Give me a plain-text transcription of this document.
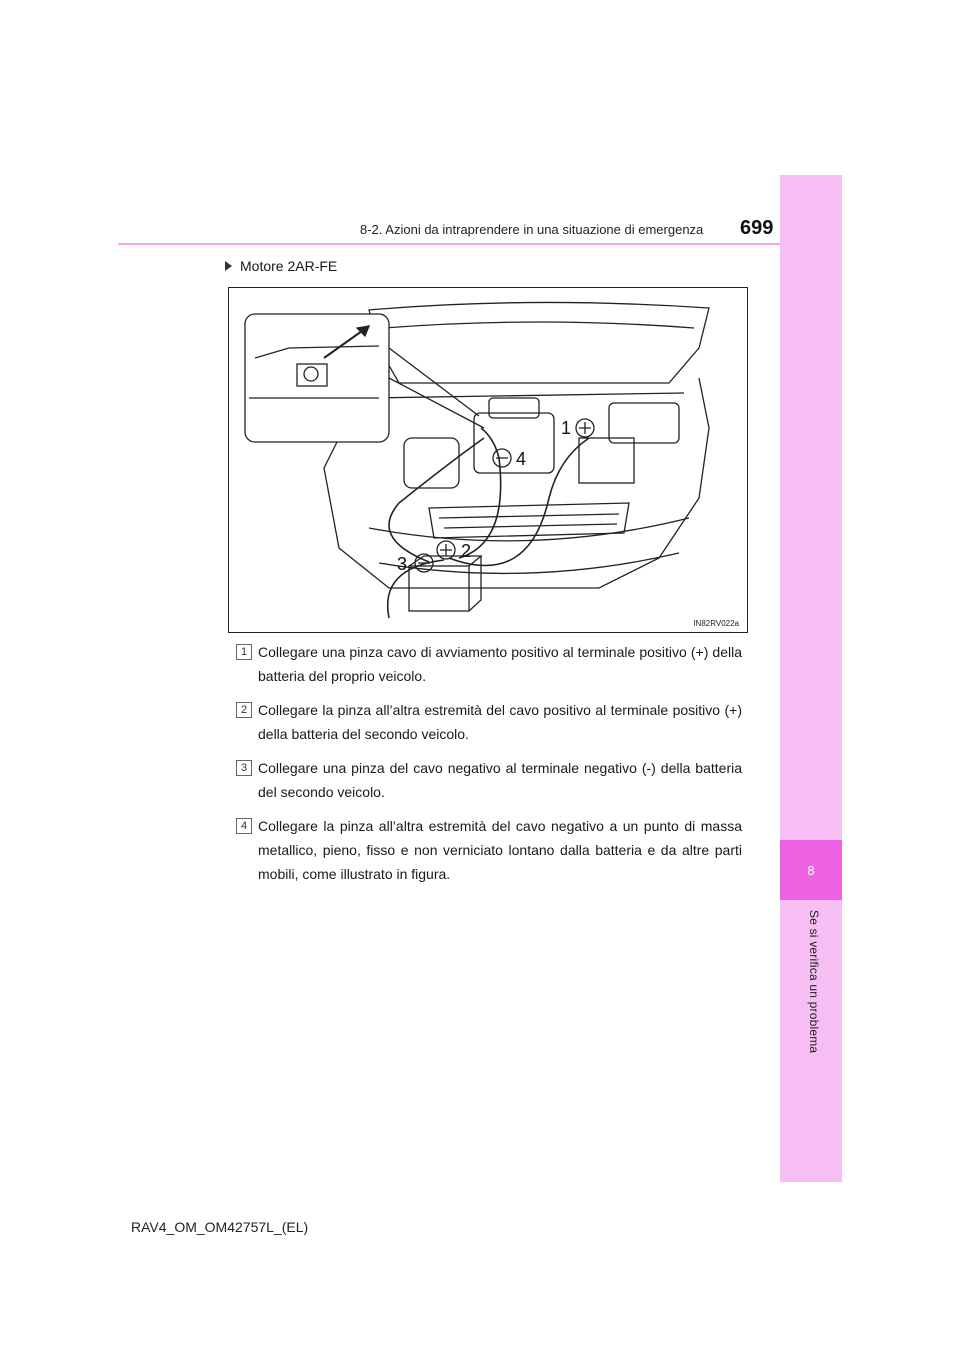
8
Se si verifica un problema
8-2. Azioni da intraprendere in una situazione di emergenza 699
Motore 2AR-FE
4
1
3
2
IN82RV022a
1 Collegare una pinza cavo di avviamento positivo al terminale positivo (+) della batteria del proprio veicolo.
2 Collegare la pinza all’altra estremità del cavo positivo al terminale positivo (+) della batteria del secondo veicolo.
3 Collegare una pinza del cavo negativo al terminale negativo (-) della batteria del secondo veicolo.
4 Collegare la pinza all’altra estremità del cavo negativo a un punto di massa metallico, pieno, fisso e non verniciato lontano dalla batteria e da altre parti mobili, come illustrato in figura.
RAV4_OM_OM42757L_(EL)
